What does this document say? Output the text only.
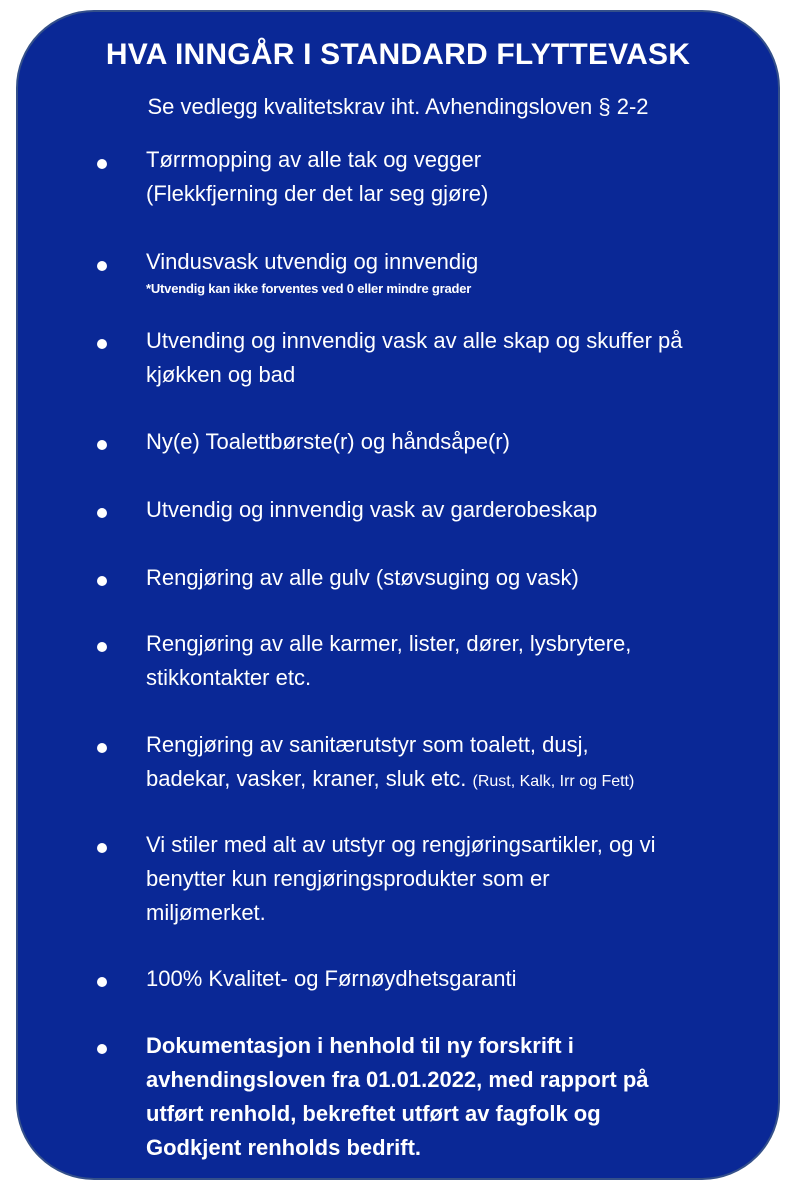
HVA INNGÅR I STANDARD FLYTTEVASK
Se vedlegg kvalitetskrav iht. Avhendingsloven § 2-2
Tørrmopping av alle tak og vegger
(Flekkfjerning der det lar seg gjøre)
Vindusvask utvendig og innvendig
*Utvendig kan ikke forventes ved 0 eller mindre grader
Utvending og innvendig vask av alle skap og skuffer på
kjøkken og bad
Ny(e) Toalettbørste(r) og håndsåpe(r)
Utvendig og innvendig vask av garderobeskap
Rengjøring av alle gulv (støvsuging og vask)
Rengjøring av alle karmer, lister, dører, lysbrytere,
stikkontakter etc.
Rengjøring av sanitærutstyr som toalett, dusj,
badekar, vasker, kraner, sluk etc. (Rust, Kalk, Irr og Fett)
Vi stiler med alt av utstyr og rengjøringsartikler, og vi
benytter kun rengjøringsprodukter som er
miljømerket.
100% Kvalitet- og Førnøydhetsgaranti
Dokumentasjon i henhold til ny forskrift i
avhendingsloven fra 01.01.2022, med rapport på
utført renhold, bekreftet utført av fagfolk og
Godkjent renholds bedrift.
